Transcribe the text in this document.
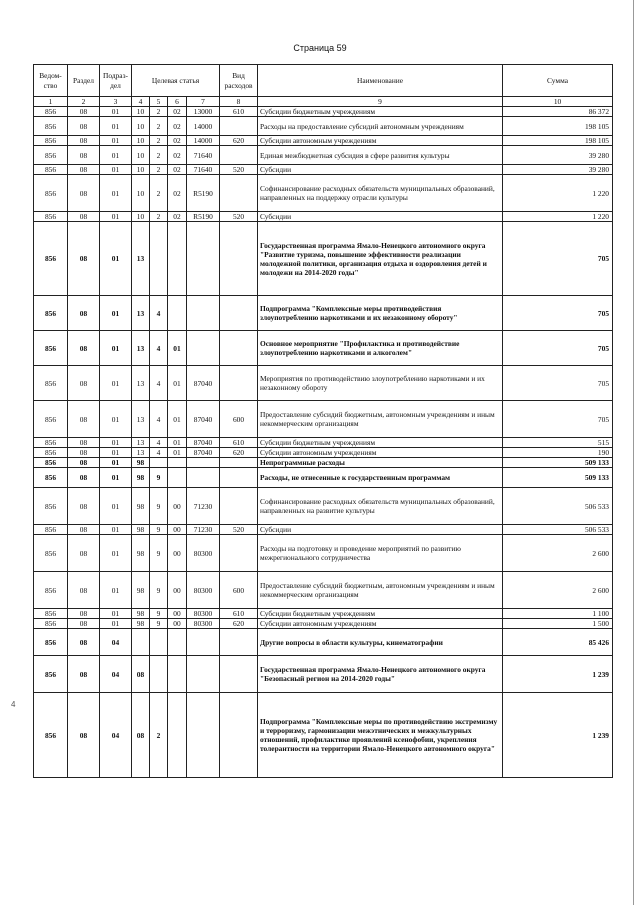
Страница 59
Ведом-ство	Раздел	Подраз-дел	Целевая статья				Вид расходов	Наименование	Сумма
1	2	3	4	5	6	7	8	9	10
856	08	01	10	2	02	13000	610	Субсидии бюджетным учреждениям	86 372
856	08	01	10	2	02	14000		Расходы на предоставление субсидий автономным учреждениям	198 105
856	08	01	10	2	02	14000	620	Субсидии автономным учреждениям	198 105
856	08	01	10	2	02	71640		Единая межбюджетная субсидия в сфере развития культуры	39 280
856	08	01	10	2	02	71640	520	Субсидии	39 280
856	08	01	10	2	02	R5190		Софинансирование расходных обязательств муниципальных образований, направленных на поддержку отрасли культуры	1 220
856	08	01	10	2	02	R5190	520	Субсидии	1 220
856	08	01	13					Государственная программа Ямало-Ненецкого автономного округа "Развитие туризма, повышение эффективности реализации молодежной политики, организация отдыха и оздоровления детей и молодежи на 2014-2020 годы"	705
856	08	01	13	4				Подпрограмма "Комплексные меры противодействия злоупотреблению наркотиками и их незаконному обороту"	705
856	08	01	13	4	01			Основное мероприятие "Профилактика и противодействие злоупотреблению наркотиками и алкоголем"	705
856	08	01	13	4	01	87040		Мероприятия по противодействию злоупотреблению наркотиками и их незаконному обороту	705
856	08	01	13	4	01	87040	600	Предоставление субсидий бюджетным, автономным учреждениям и иным некоммерческим организациям	705
856	08	01	13	4	01	87040	610	Субсидии бюджетным учреждениям	515
856	08	01	13	4	01	87040	620	Субсидии автономным учреждениям	190
856	08	01	98					Непрограммные расходы	509 133
856	08	01	98	9				Расходы, не отнесенные к государственным программам	509 133
856	08	01	98	9	00	71230		Софинансирование расходных обязательств муниципальных образований, направленных на развитие культуры	506 533
856	08	01	98	9	00	71230	520	Субсидии	506 533
856	08	01	98	9	00	80300		Расходы на подготовку и проведение мероприятий по развитию межрегионального сотрудничества	2 600
856	08	01	98	9	00	80300	600	Предоставление субсидий бюджетным, автономным учреждениям и иным некоммерческим организациям	2 600
856	08	01	98	9	00	80300	610	Субсидии бюджетным учреждениям	1 100
856	08	01	98	9	00	80300	620	Субсидии автономным учреждениям	1 500
856	08	04						Другие вопросы в области культуры, кинематографии	85 426
856	08	04	08					Государственная программа Ямало-Ненецкого автономного округа "Безопасный регион на 2014-2020 годы"	1 239
856	08	04	08	2				Подпрограмма "Комплексные меры по противодействию экстремизму и терроризму, гармонизации межэтнических и межкультурных отношений, профилактике проявлений ксенофобии, укрепления толерантности на территории Ямало-Ненецкого автономного округа"	1 239
4
